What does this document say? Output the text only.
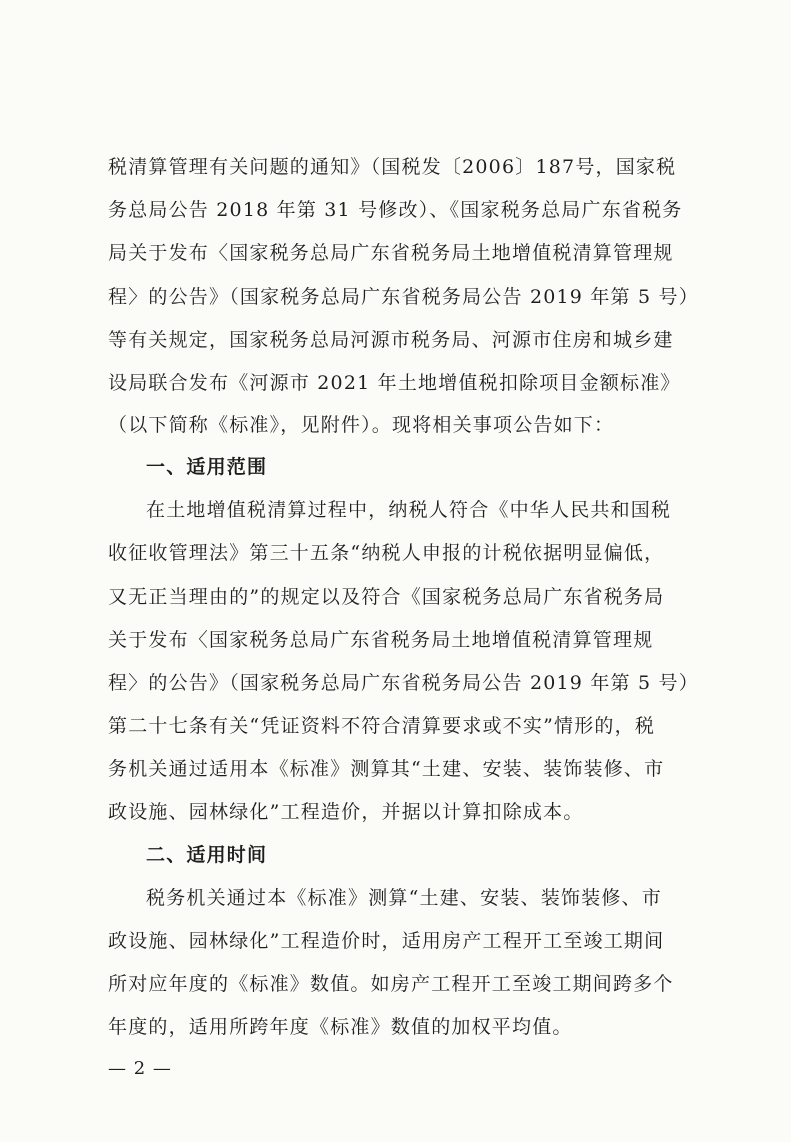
税清算管理有关问题的通知》（国税发〔2006〕187号，国家税
务总局公告 2018 年第 31 号修改）、《国家税务总局广东省税务
局关于发布〈国家税务总局广东省税务局土地增值税清算管理规
程〉的公告》（国家税务总局广东省税务局公告 2019 年第 5 号）
等有关规定，国家税务总局河源市税务局、河源市住房和城乡建
设局联合发布《河源市 2021 年土地增值税扣除项目金额标准》
（以下简称《标准》，见附件）。现将相关事项公告如下：
一、适用范围
在土地增值税清算过程中，纳税人符合《中华人民共和国税
收征收管理法》第三十五条“纳税人申报的计税依据明显偏低，
又无正当理由的”的规定以及符合《国家税务总局广东省税务局
关于发布〈国家税务总局广东省税务局土地增值税清算管理规
程〉的公告》（国家税务总局广东省税务局公告 2019 年第 5 号）
第二十七条有关“凭证资料不符合清算要求或不实”情形的，税
务机关通过适用本《标准》测算其“土建、安装、装饰装修、市
政设施、园林绿化”工程造价，并据以计算扣除成本。
二、适用时间
税务机关通过本《标准》测算“土建、安装、装饰装修、市
政设施、园林绿化”工程造价时，适用房产工程开工至竣工期间
所对应年度的《标准》数值。如房产工程开工至竣工期间跨多个
年度的，适用所跨年度《标准》数值的加权平均值。
— 2 —
